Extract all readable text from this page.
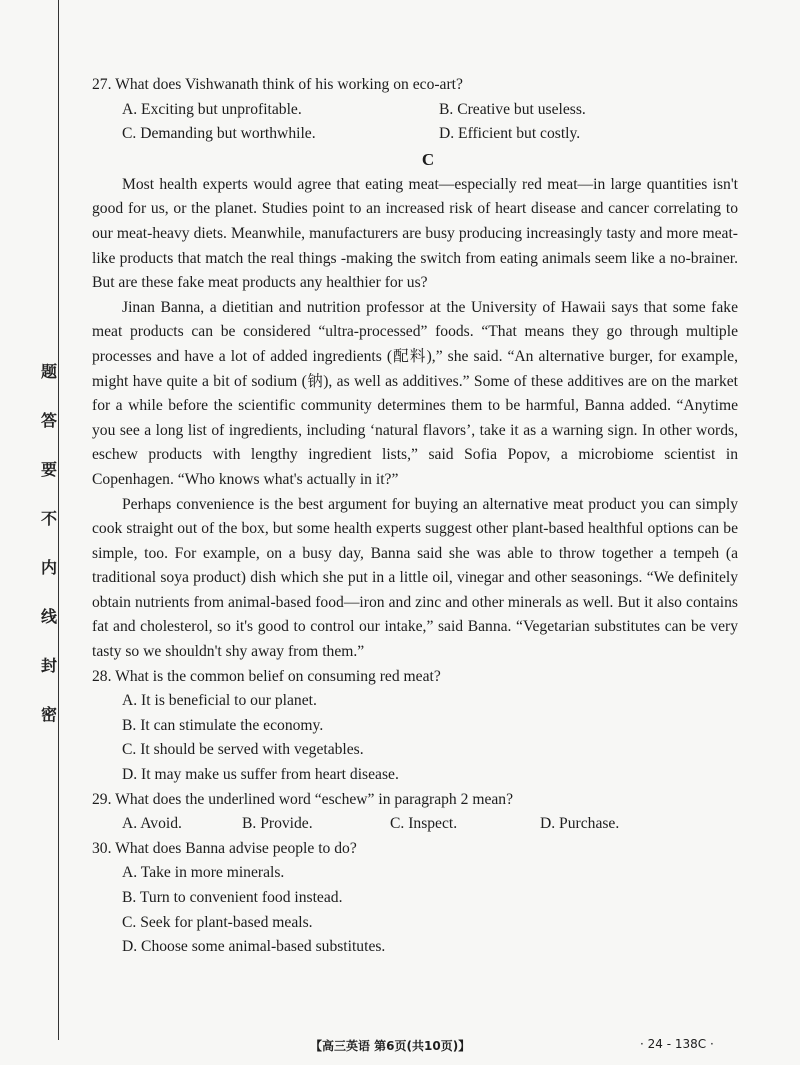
题
答
要
不
内
线
封
密
27. What does Vishwanath think of his working on eco-art?
A. Exciting but unprofitable.	B. Creative but useless.
C. Demanding but worthwhile.	D. Efficient but costly.
C

Most health experts would agree that eating meat—especially red meat—in large quantities isn't good for us, or the planet. Studies point to an increased risk of heart disease and cancer correlating to our meat-heavy diets. Meanwhile, manufacturers are busy producing increasingly tasty and more meat-like products that match the real things -making the switch from eating animals seem like a no-brainer. But are these fake meat products any healthier for us?

Jinan Banna, a dietitian and nutrition professor at the University of Hawaii says that some fake meat products can be considered “ultra-processed” foods. “That means they go through multiple processes and have a lot of added ingredients (配料),” she said. “An alternative burger, for example, might have quite a bit of sodium (钠), as well as additives.” Some of these additives are on the market for a while before the scientific community determines them to be harmful, Banna added. “Anytime you see a long list of ingredients, including ‘natural flavors’, take it as a warning sign. In other words, eschew products with lengthy ingredient lists,” said Sofia Popov, a microbiome scientist in Copenhagen. “Who knows what's actually in it?”

Perhaps convenience is the best argument for buying an alternative meat product you can simply cook straight out of the box, but some health experts suggest other plant-based healthful options can be simple, too. For example, on a busy day, Banna said she was able to throw together a tempeh (a traditional soya product) dish which she put in a little oil, vinegar and other seasonings. “We definitely obtain nutrients from animal-based food—iron and zinc and other minerals as well. But it also contains fat and cholesterol, so it's good to control our intake,” said Banna. “Vegetarian substitutes can be very tasty so we shouldn't shy away from them.”

28. What is the common belief on consuming red meat?
A. It is beneficial to our planet.
B. It can stimulate the economy.
C. It should be served with vegetables.
D. It may make us suffer from heart disease.
29. What does the underlined word “eschew” in paragraph 2 mean?
A. Avoid.	B. Provide.	C. Inspect.	D. Purchase.
30. What does Banna advise people to do?
A. Take in more minerals.
B. Turn to convenient food instead.
C. Seek for plant-based meals.
D. Choose some animal-based substitutes.
【高三英语 第6页(共10页)】	· 24 - 138C ·
